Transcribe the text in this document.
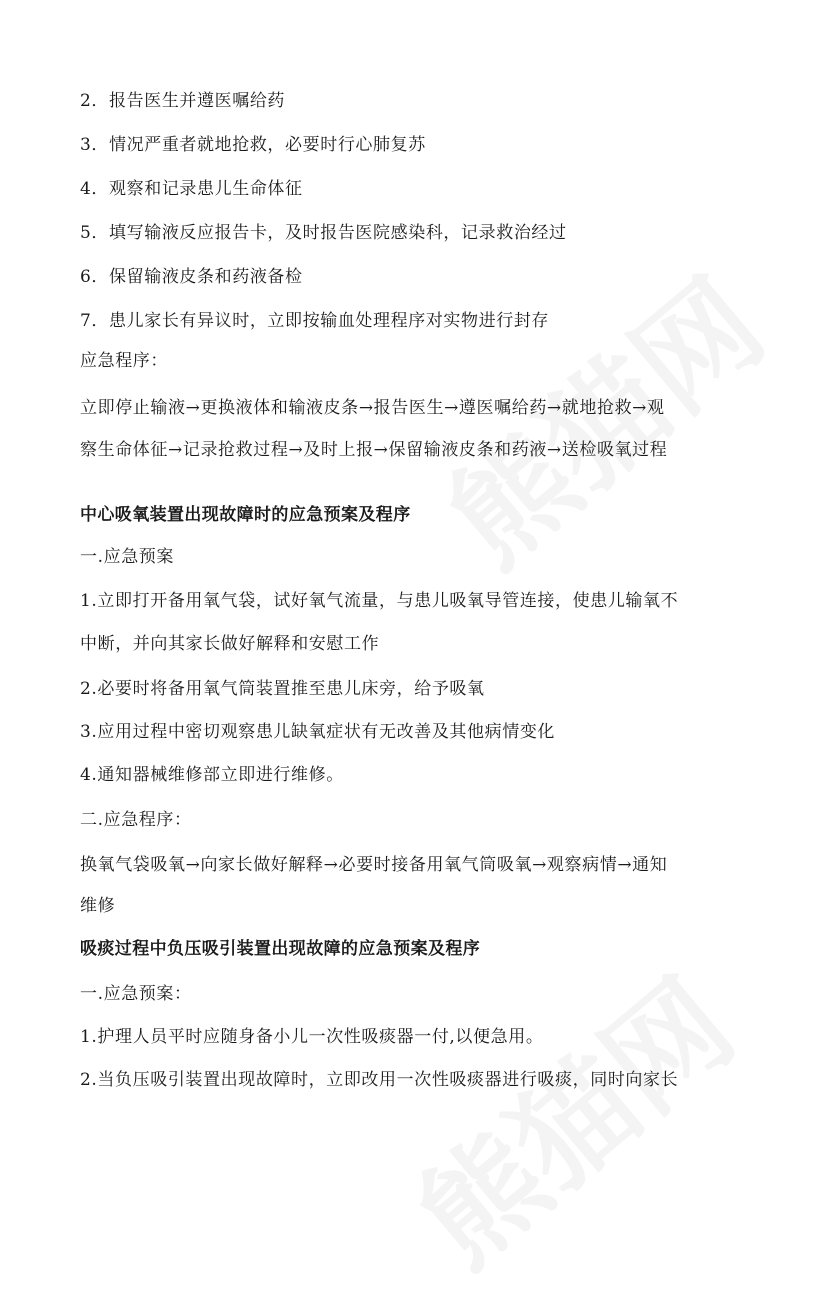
2．报告医生并遵医嘱给药
3．情况严重者就地抢救，必要时行心肺复苏
4．观察和记录患儿生命体征
5．填写输液反应报告卡，及时报告医院感染科，记录救治经过
6．保留输液皮条和药液备检
7．患儿家长有异议时，立即按输血处理程序对实物进行封存
应急程序：
立即停止输液→更换液体和输液皮条→报告医生→遵医嘱给药→就地抢救→观
察生命体征→记录抢救过程→及时上报→保留输液皮条和药液→送检吸氧过程
中心吸氧装置出现故障时的应急预案及程序
一.应急预案
1.立即打开备用氧气袋，试好氧气流量，与患儿吸氧导管连接，使患儿输氧不
中断，并向其家长做好解释和安慰工作
2.必要时将备用氧气筒装置推至患儿床旁，给予吸氧
3.应用过程中密切观察患儿缺氧症状有无改善及其他病情变化
4.通知器械维修部立即进行维修。
二.应急程序：
换氧气袋吸氧→向家长做好解释→必要时接备用氧气筒吸氧→观察病情→通知
维修
吸痰过程中负压吸引装置出现故障的应急预案及程序
一.应急预案：
1.护理人员平时应随身备小儿一次性吸痰器一付,以便急用。
2.当负压吸引装置出现故障时，立即改用一次性吸痰器进行吸痰，同时向家长
